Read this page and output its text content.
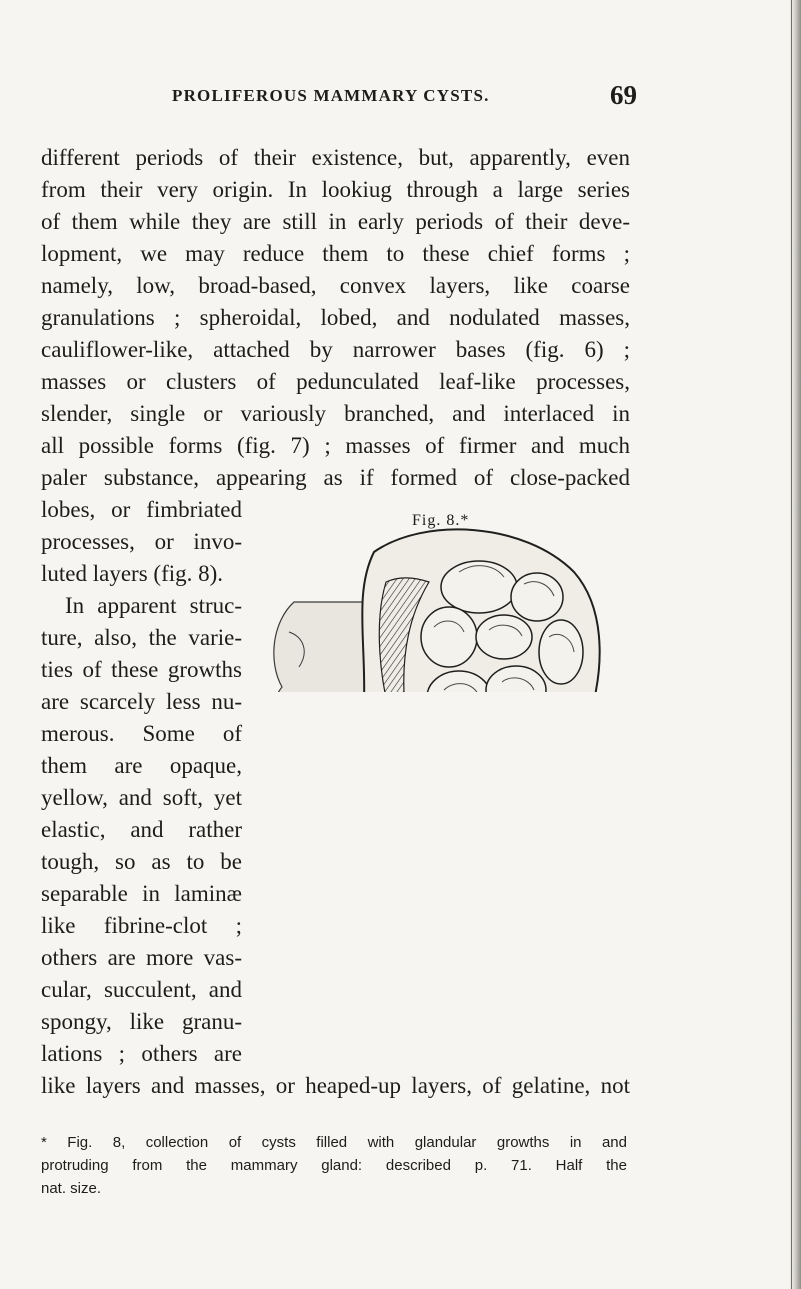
PROLIFEROUS MAMMARY CYSTS.	69
different periods of their existence, but, apparently, even
from their very origin. In lookiug through a large series
of them while they are still in early periods of their deve-
lopment, we may reduce them to these chief forms ;
namely, low, broad-based, convex layers, like coarse
granulations ; spheroidal, lobed, and nodulated masses,
cauliflower-like, attached by narrower bases (fig. 6) ;
masses or clusters of pedunculated leaf-like processes,
slender, single or variously branched, and interlaced in
all possible forms (fig. 7) ; masses of firmer and much
paler substance, appearing as if formed of close-packed
lobes, or fimbriated
processes, or invo-
luted layers (fig. 8).
In apparent struc-
ture, also, the varie-
ties of these growths
are scarcely less nu-
merous. Some of
them are opaque,
yellow, and soft, yet
elastic, and rather
tough, so as to be
separable in laminæ
like fibrine-clot ;
others are more vas-
cular, succulent, and
spongy, like granu-
lations ; others are
like layers and masses, or heaped-up layers, of gelatine, not
Fig. 8.*
* Fig. 8, collection of cysts filled with glandular growths in and
protruding from the mammary gland: described p. 71. Half the
nat. size.
